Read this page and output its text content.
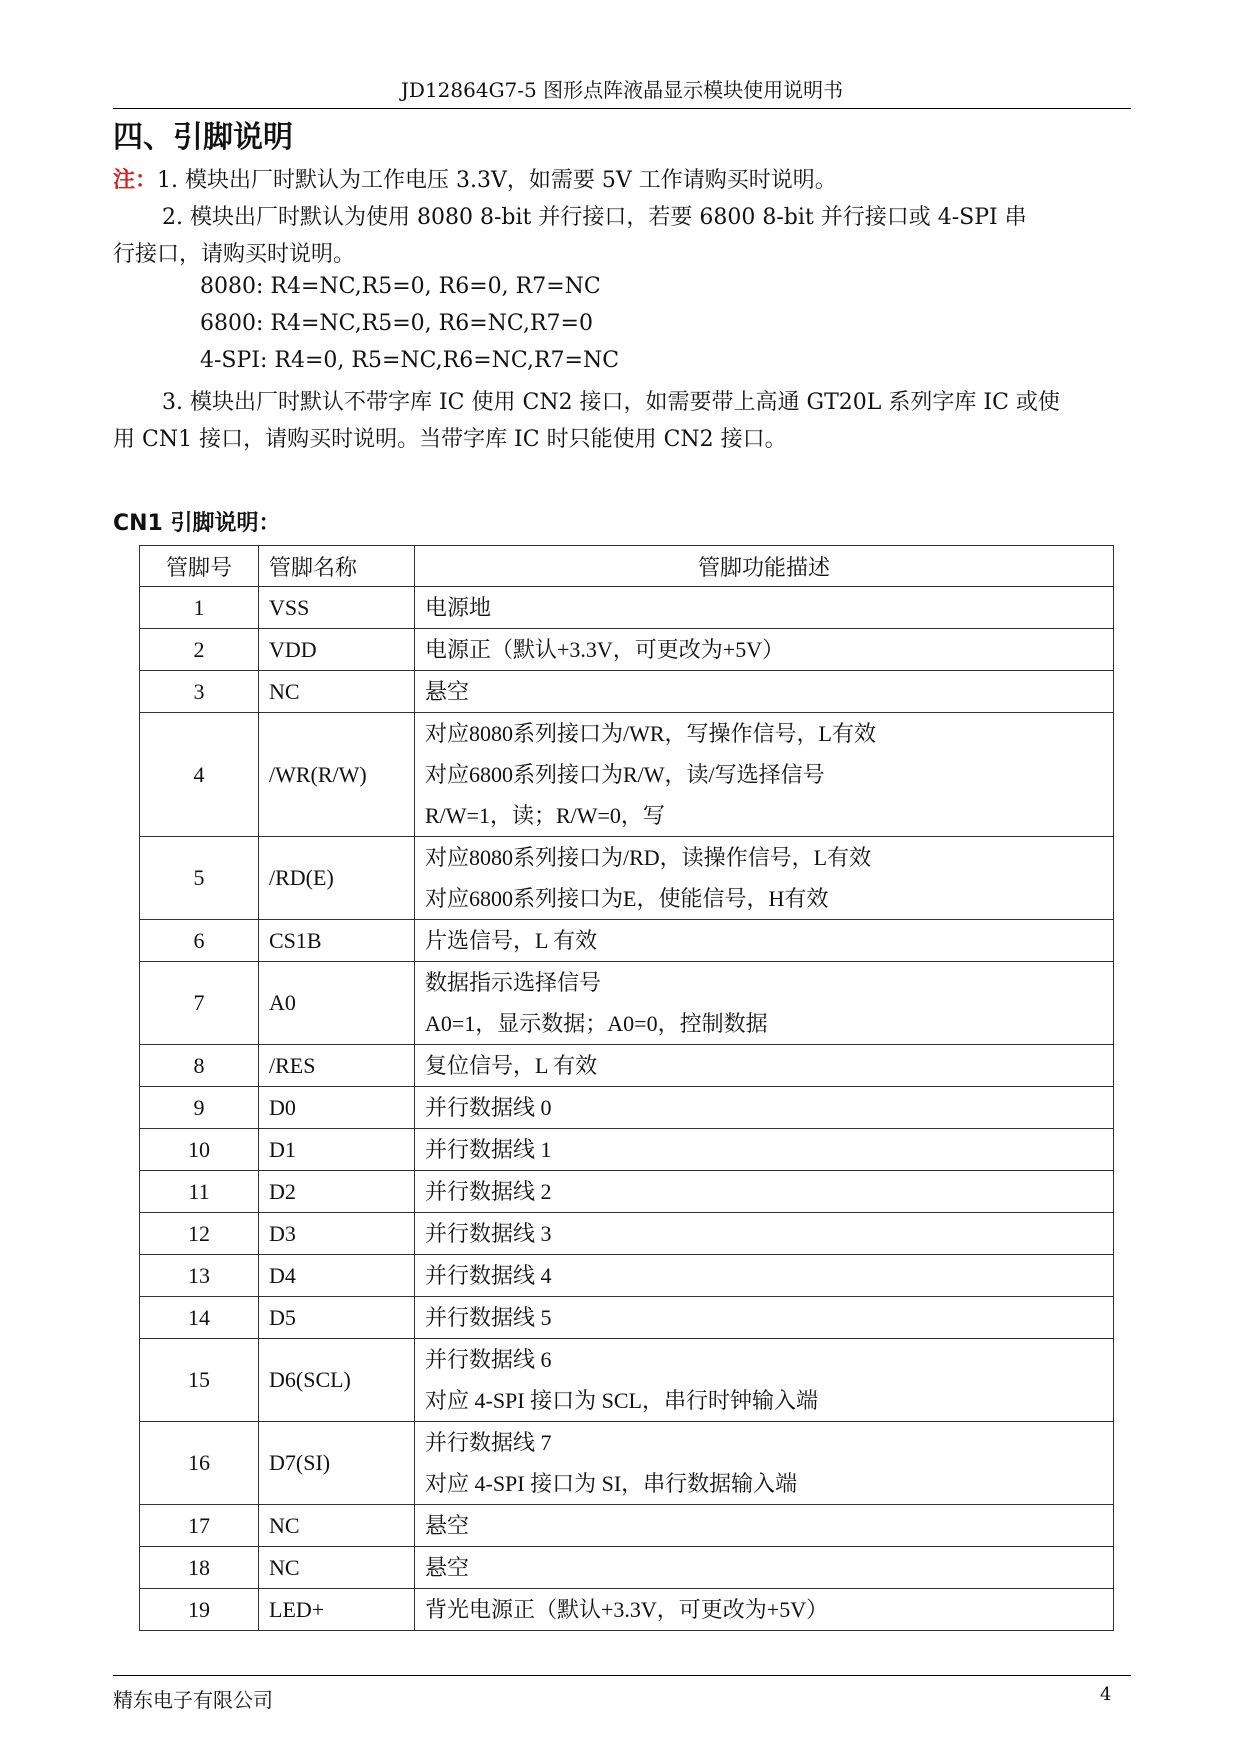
JD12864G7-5 图形点阵液晶显示模块使用说明书
四、引脚说明
注：1. 模块出厂时默认为工作电压 3.3V，如需要 5V 工作请购买时说明。
2. 模块出厂时默认为使用 8080 8-bit 并行接口，若要 6800 8-bit 并行接口或 4-SPI 串
行接口，请购买时说明。
8080: R4=NC,R5=0, R6=0, R7=NC
6800: R4=NC,R5=0, R6=NC,R7=0
4-SPI: R4=0, R5=NC,R6=NC,R7=NC
3. 模块出厂时默认不带字库 IC 使用 CN2 接口，如需要带上高通 GT20L 系列字库 IC 或使
用 CN1 接口，请购买时说明。当带字库 IC 时只能使用 CN2 接口。
CN1 引脚说明：
管脚号	管脚名称	管脚功能描述
1	VSS	电源地

2	VDD	电源正（默认+3.3V，可更改为+5V）

3	NC	悬空

4	/WR(R/W)	对应8080系列接口为/WR，写操作信号，L有效
对应6800系列接口为R/W，读/写选择信号
R/W=1，读；R/W=0，写

5	/RD(E)	对应8080系列接口为/RD，读操作信号，L有效
对应6800系列接口为E，使能信号，H有效

6	CS1B	片选信号，L 有效

7	A0	数据指示选择信号
A0=1，显示数据；A0=0，控制数据

8	/RES	复位信号，L 有效

9	D0	并行数据线 0

10	D1	并行数据线 1

11	D2	并行数据线 2

12	D3	并行数据线 3

13	D4	并行数据线 4

14	D5	并行数据线 5

15	D6(SCL)	并行数据线 6
对应 4-SPI 接口为 SCL，串行时钟输入端

16	D7(SI)	并行数据线 7
对应 4-SPI 接口为 SI，串行数据输入端

17	NC	悬空

18	NC	悬空

19	LED+	背光电源正（默认+3.3V，可更改为+5V）
精东电子有限公司	4
